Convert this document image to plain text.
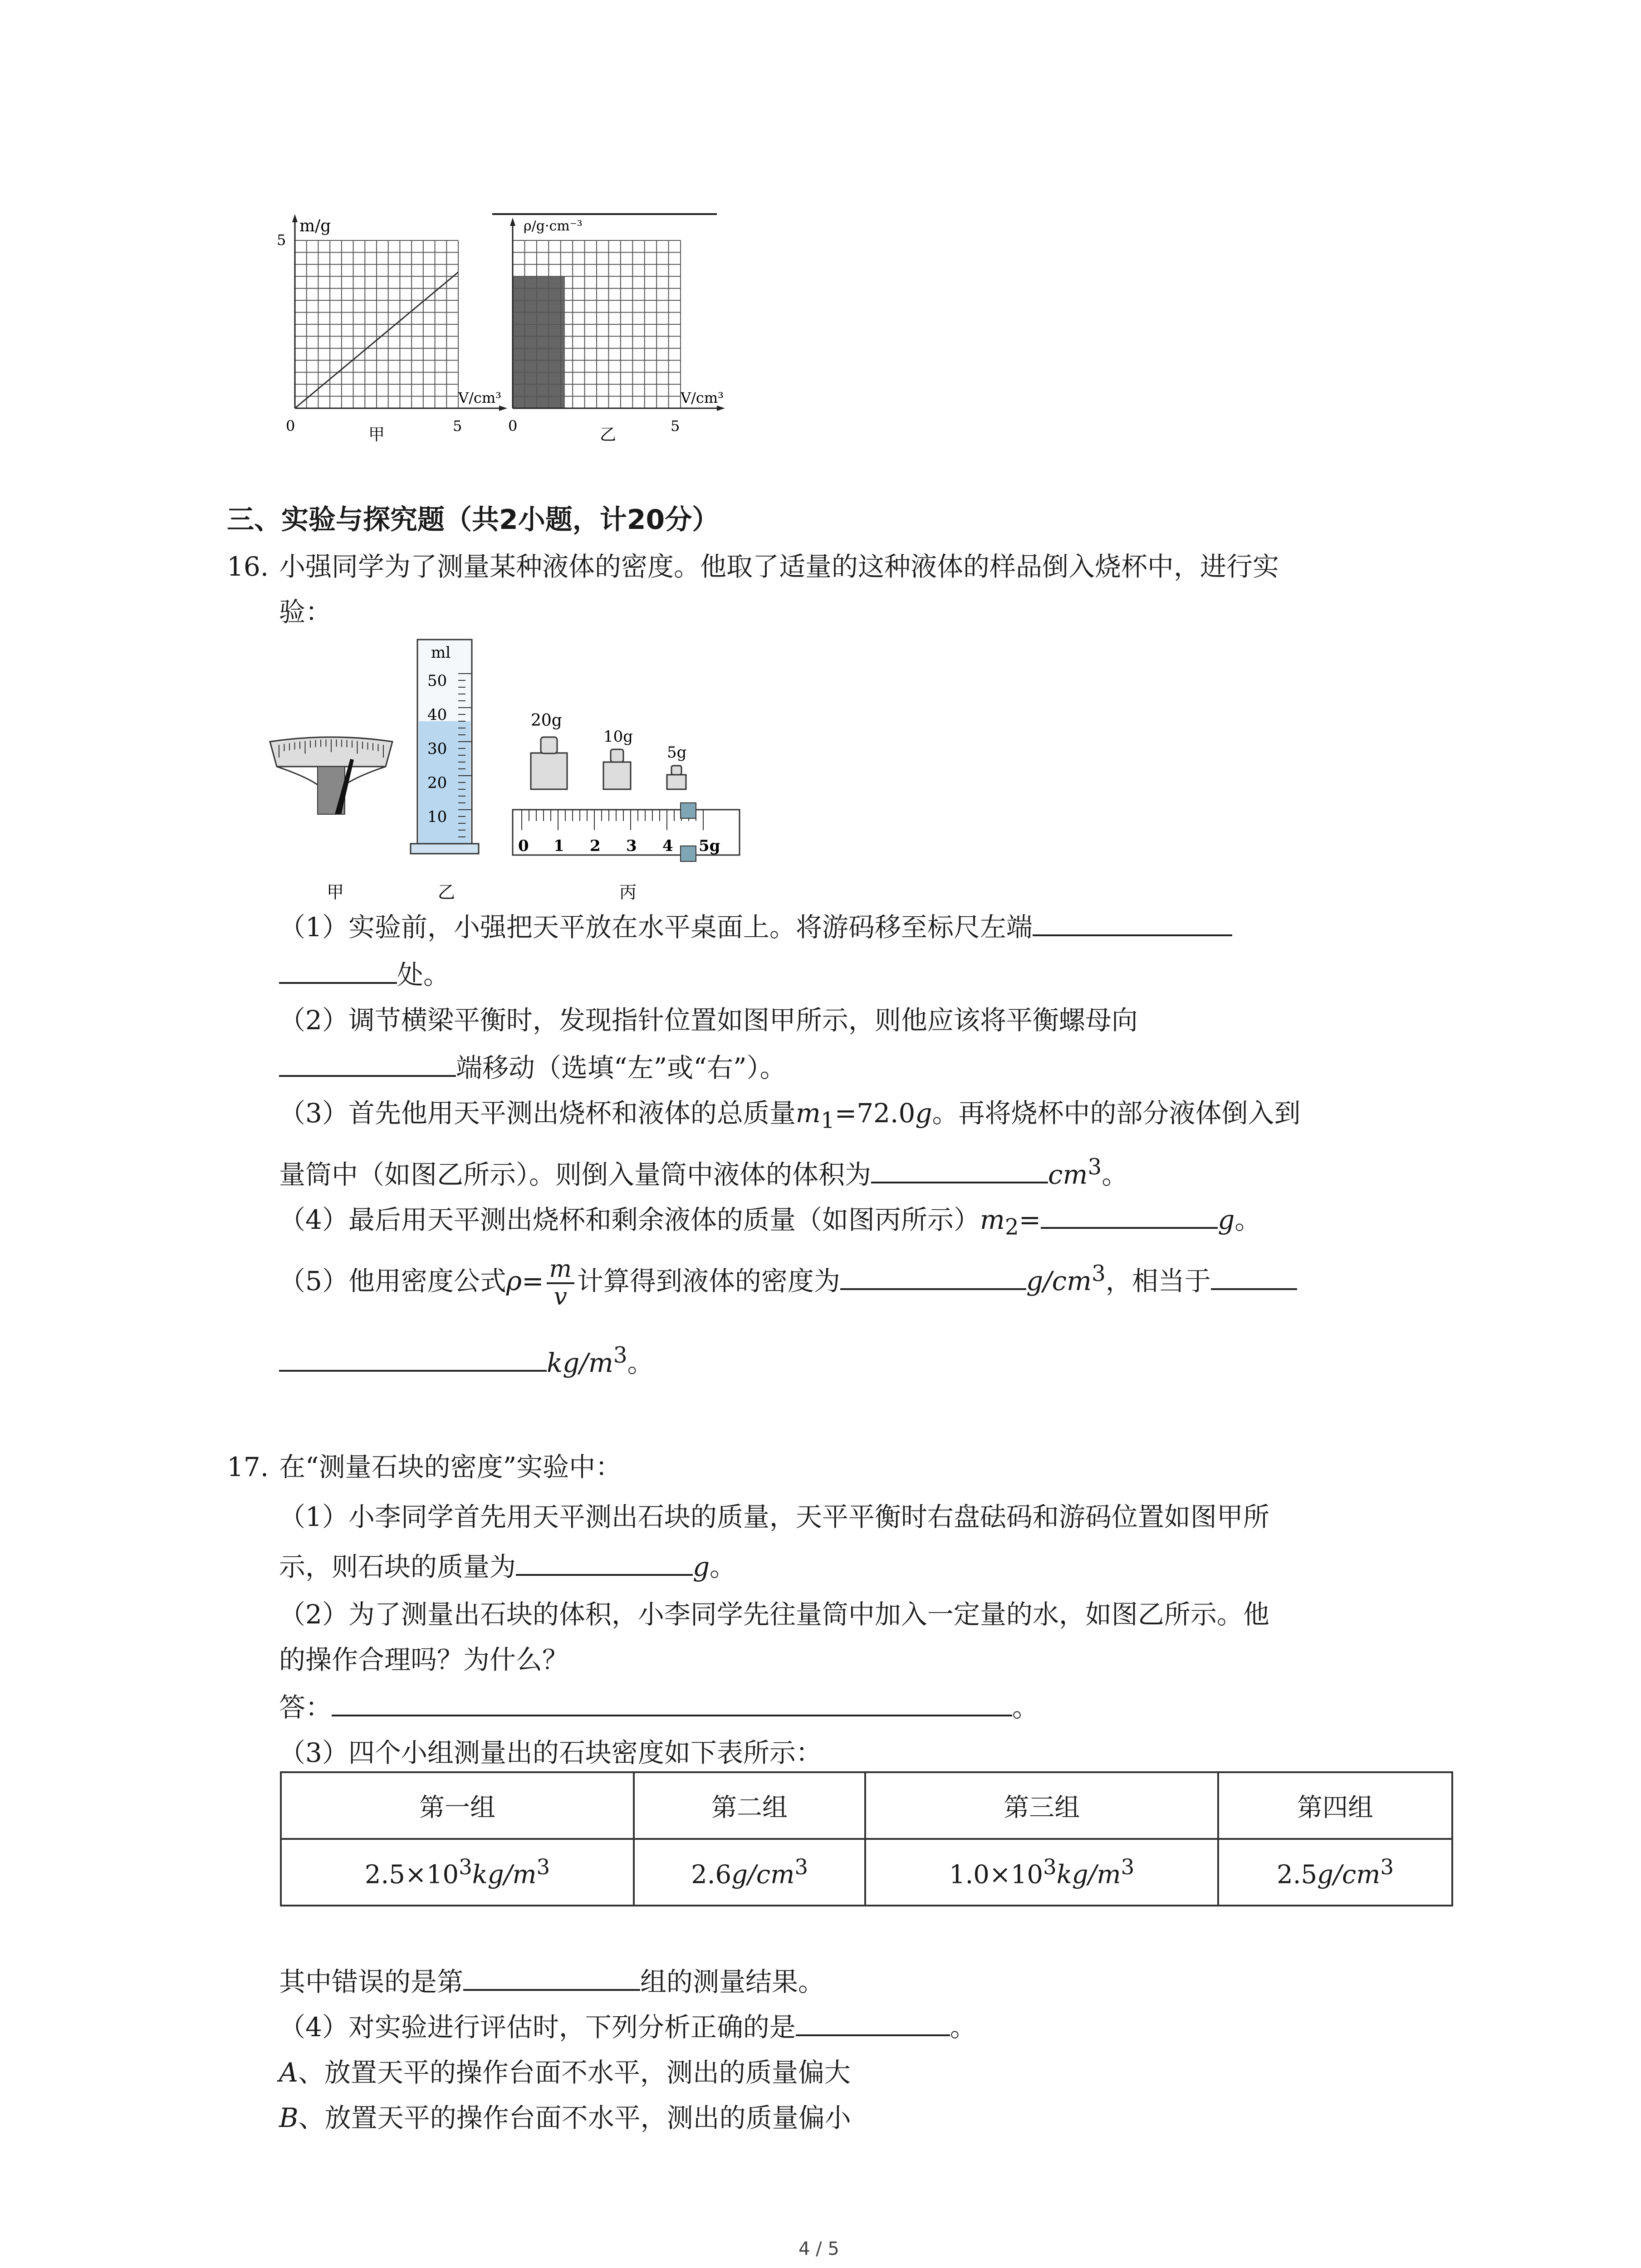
m/g
5
V/cm³
0	5
甲
ρ/g·cm⁻³
V/cm³
0	5
乙
三、实验与探究题（共2小题，计20分）
16. 小强同学为了测量某种液体的密度。他取了适量的这种液体的样品倒入烧杯中，进行实
验：
ml
50
40
30
20
10
20g
10g
5g
0 1 2 3 4 5g
甲	乙	丙
（1）实验前，小强把天平放在水平桌面上。将游码移至标尺左端
处。
（2）调节横梁平衡时，发现指针位置如图甲所示，则他应该将平衡螺母向
端移动（选填“左”或“右”）。
（3）首先他用天平测出烧杯和液体的总质量$m_1=72.0g$。再将烧杯中的部分液体倒入到
量筒中（如图乙所示）。则倒入量筒中液体的体积为	$cm^3$。
（4）最后用天平测出烧杯和剩余液体的质量（如图丙所示）$m_2=$	g。
（5）他用密度公式$\rho= \frac{m}{v}$ 计算得到液体的密度为	$g/cm^3$，相当于
$kg/m^3$。
17. 在“测量石块的密度”实验中：
（1）小李同学首先用天平测出石块的质量，天平平衡时右盘砝码和游码位置如图甲所
示，则石块的质量为	g。
（2）为了测量出石块的体积，小李同学先往量筒中加入一定量的水，如图乙所示。他
的操作合理吗？为什么？
答：	。
（3）四个小组测量出的石块密度如下表所示：
第一组	第二组	第三组	第四组
$2.5\times 10^3kg/m^3$	$2.6g/cm^3$	$1.0\times 10^3kg/m^3$	$2.5g/cm^3$
其中错误的是第	组的测量结果。
（4）对实验进行评估时，下列分析正确的是	。
A、放置天平的操作台面不水平，测出的质量偏大
B、放置天平的操作台面不水平，测出的质量偏小
4 / 5
